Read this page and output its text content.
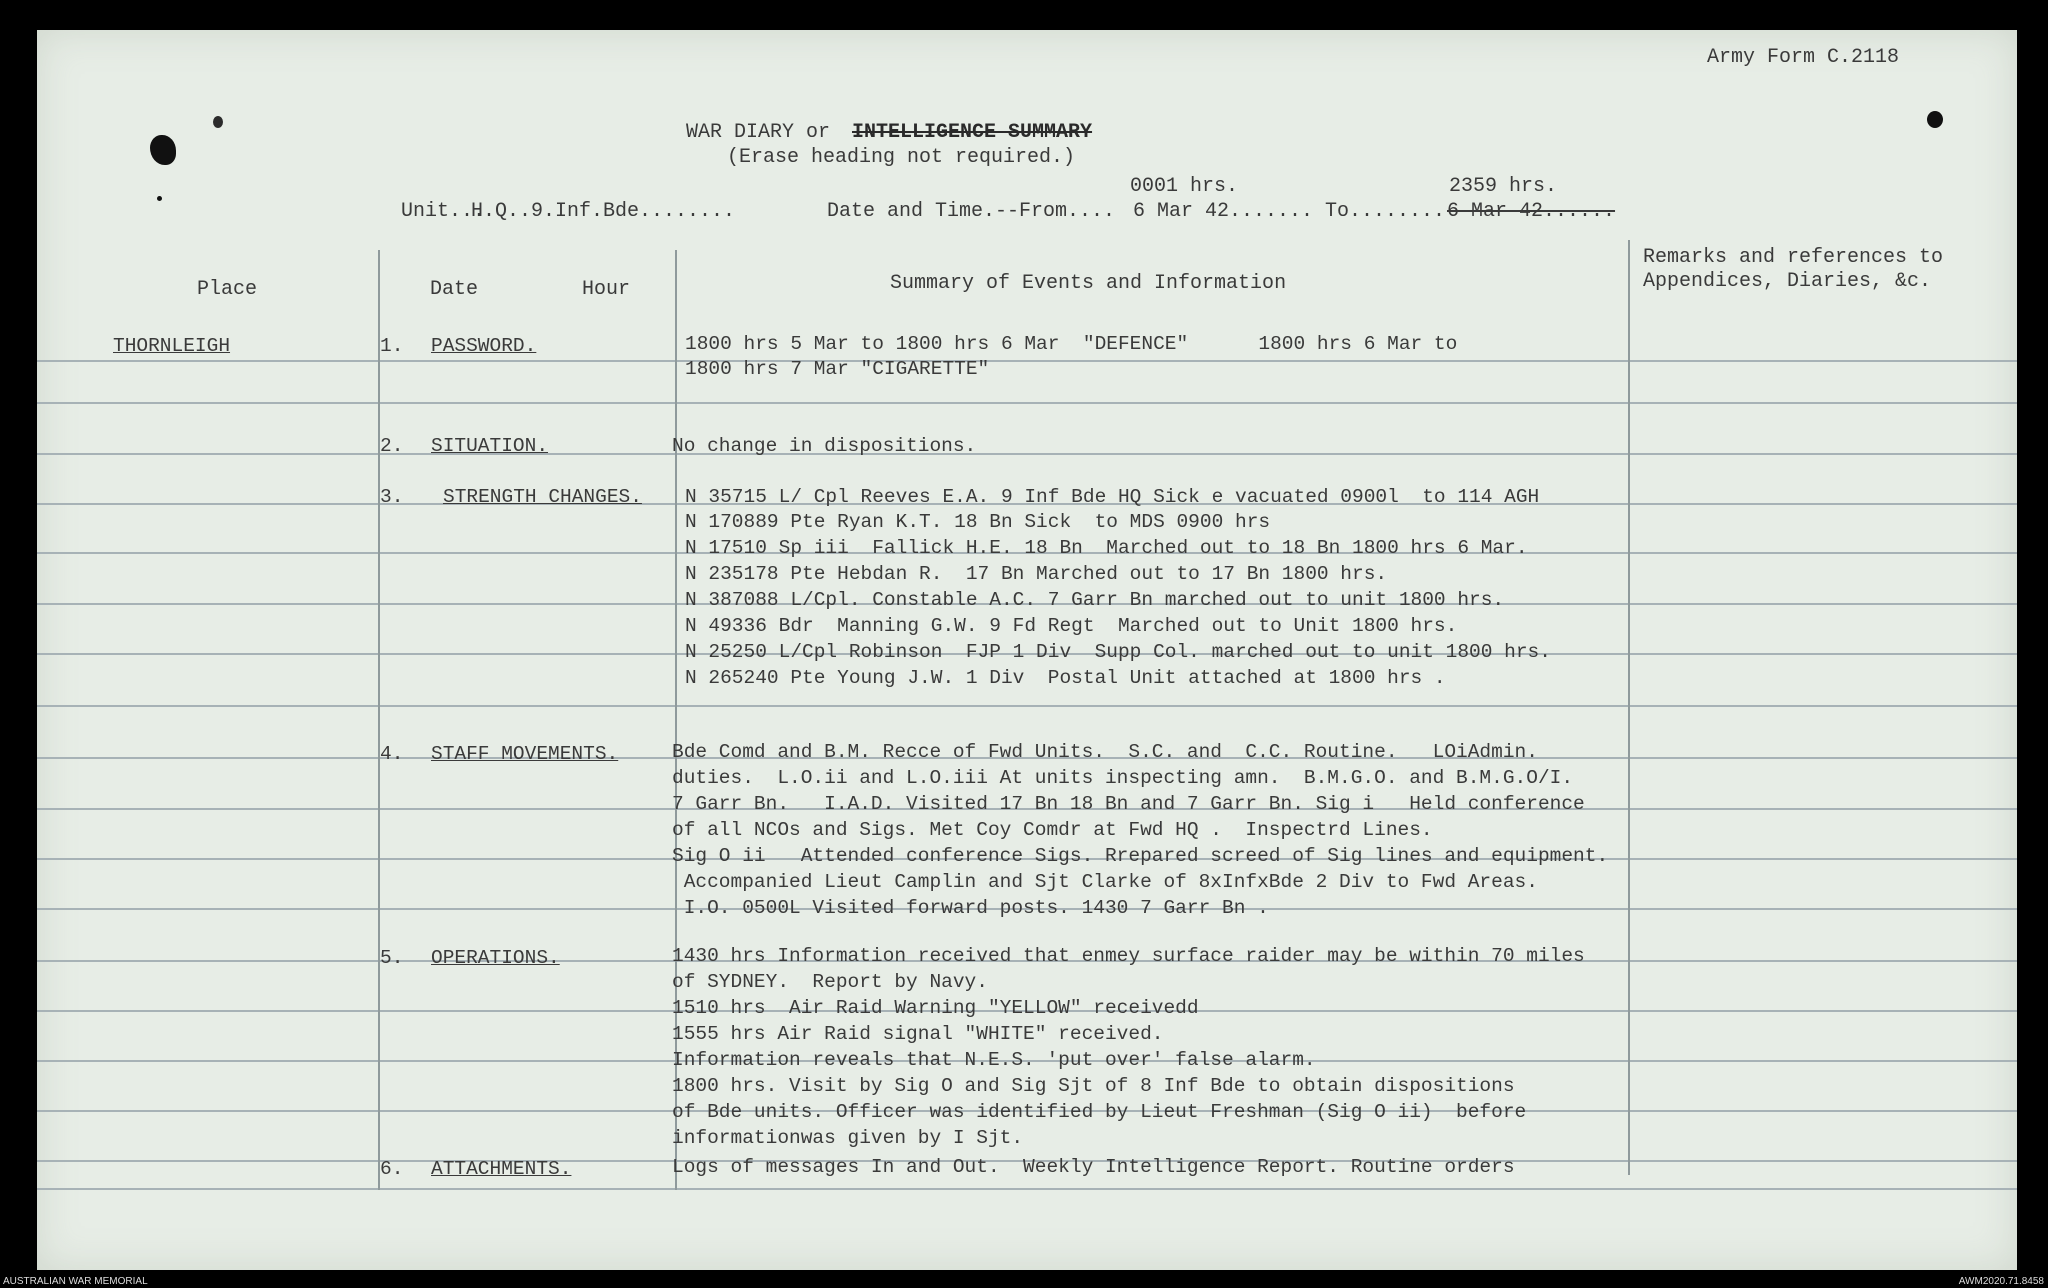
Army Form C.2118
WAR DIARY or INTELLIGENCE SUMMARY
(Erase heading not required.)
0001 hrs.	2359 hrs.
Unit...
H.Q..9.Inf.Bde........	Date and Time.--From.... 6 Mar 42....... To........ 6 Mar 42......
Place	Date	Hour	Summary of Events and Information
Remarks and references to
Appendices, Diaries, &c.
THORNLEIGH	1. PASSWORD.	1800 hrs 5 Mar to 1800 hrs 6 Mar  "DEFENCE"      1800 hrs 6 Mar to
1800 hrs 7 Mar "CIGARETTE"
2. SITUATION.	No change in dispositions.
3. STRENGTH CHANGES. N 35715 L/ Cpl Reeves E.A. 9 Inf Bde HQ Sick e vacuated 0900l  to 114 AGH
N 170889 Pte Ryan K.T. 18 Bn Sick  to MDS 0900 hrs
N 17510 Sp iii  Fallick H.E. 18 Bn  Marched out to 18 Bn 1800 hrs 6 Mar.
N 235178 Pte Hebdan R.  17 Bn Marched out to 17 Bn 1800 hrs.
N 387088 L/Cpl. Constable A.C. 7 Garr Bn marched out to unit 1800 hrs.
N 49336 Bdr  Manning G.W. 9 Fd Regt  Marched out to Unit 1800 hrs.
N 25250 L/Cpl Robinson  FJP 1 Div  Supp Col. marched out to unit 1800 hrs.
N 265240 Pte Young J.W. 1 Div  Postal Unit attached at 1800 hrs .
4. STAFF MOVEMENTS.	Bde Comd and B.M. Recce of Fwd Units.  S.C. and  C.C. Routine.   LOiAdmin.
duties.  L.O.ii and L.O.iii At units inspecting amn.  B.M.G.O. and B.M.G.O/I.
7 Garr Bn.   I.A.D. Visited 17 Bn 18 Bn and 7 Garr Bn. Sig i   Held conference
of all NCOs and Sigs. Met Coy Comdr at Fwd HQ .  Inspectrd Lines.
Sig O ii   Attended conference Sigs. Rrepared screed of Sig lines and equipment.
Accompanied Lieut Camplin and Sjt Clarke of 8xInfxBde 2 Div to Fwd Areas.
I.O. 0500L Visited forward posts. 1430 7 Garr Bn .
5. OPERATIONS.	1430 hrs Information received that enmey surface raider may be within 70 miles
of SYDNEY.  Report by Navy.
1510 hrs  Air Raid Warning "YELLOW" receivedd
1555 hrs Air Raid signal "WHITE" received.
Information reveals that N.E.S. 'put over' false alarm.
1800 hrs. Visit by Sig O and Sig Sjt of 8 Inf Bde to obtain dispositions
of Bde units. Officer was identified by Lieut Freshman (Sig O ii)  before
informationwas given by I Sjt.
6. ATTACHMENTS.	Logs of messages In and Out.  Weekly Intelligence Report. Routine orders
AUSTRALIAN WAR MEMORIAL	AWM2020.71.8458
